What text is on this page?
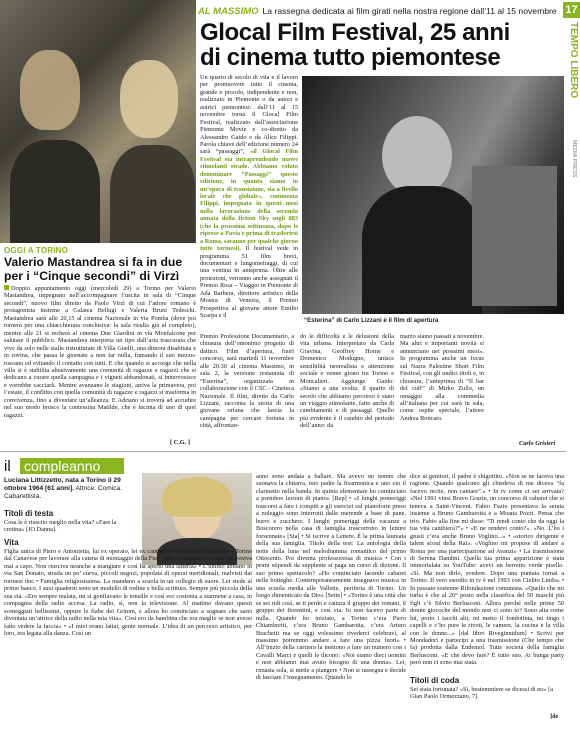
AL MASSIMO La rassegna dedicata ai film girati nella nostra regione dall’11 al 15 novembre 17
TEMPO LIBERO
MEDIA PRESS
Glocal Film Festival, 25 anni
di cinema tutto piemontese
OGGI A TORINO
Valerio Mastandrea si fa in due per i “Cinque secondi” di Virzì
Doppio appuntamento oggi (mercoledì 29) a Torino per Valerio Mastandrea, impegnato nell’accompagnare l’uscita in sala di “Cinque secondi”, nuovo film diretto da Paolo Virzì di cui l’attore romano è protagonista insieme a Galatea Bellugi e Valeria Bruni Tedeschi. Mastandrea sarà alle 20,15 al cinema Nazionale in via Pomba (dove poi tornerà per una chiacchierata conclusiva: la sala risulta già al completo), mentre alle 21 si recherà al cinema Due Giardini in via Monfalcone per salutare il pubblico. Mastandrea interpreta un tipo dall’aria trascurata che vive da solo nelle stalle ristrutturate di Villa Guelfi, una dimora disabitata e in rovina, che passa le giornate a non far nulla, fumando il suo mezzo-toscano ed evitando il contatto con tutti. E che quando si accorge che nella villa si è stabilita abusivamente una comunità di ragazze e ragazzi che si dedicano a curare quella campagna e i vigneti abbandonati, si innervosisce e vorrebbe cacciarli. Mentre avanzano le stagioni, arriva la primavera, poi l’estate, il conflitto con quella comunità di ragazze e ragazzi si trasforma in convivenza, fino a diventare un’alleanza. E Adriano si troverà ad accudire nel suo modo brusco la contessina Matilde, che è incinta di uno di quei ragazzi.
[ C.G. ]
Un quarto di secolo di vita e il lavoro per promuovere tutto il cinema, grande e piccolo, indipendente e non, realizzato in Piemonte o da autori e autrici piemontesi: dall’11 al 15 novembre torna il Glocal Film Festival, realizzato dall’associazione Piemonte Movie e co-diretto da Alessandro Gaido e da Alice Filippi. Parola chiave dell’edizione numero 24 sarà “passaggi”, «il Glocal Film Festival sta intraprendendo nuove stimolanti strade. Abbiamo voluto denominare “Passaggi” questo edizione, in quanto siamo in un’epoca di transizione, sia a livello locale che globale», commenta Filippi, impegnata in questi mesi nella lavorazione della seconda annata della fiction Sky sugli 883 (che la prossima settimana, dopo le riprese a Pavia e prima di trasferirsi a Roma, saranno per qualche giorno tutte torinesi). Il festival vede in programma 51 film brevi, documentari e lungometraggi, di cui una ventina in anteprima. Oltre alle proiezioni, verranno anche assegnati il Premio Rosa – Viaggio in Piemonte di Ada Barbera, direttore artistico della Mostra di Venezia, il Premio Prospettiva al giovane attore Emilio Scarpa e il
“Esterina” di Carlo Lizzani è il film di apertura
Premio Professione Documentario, a chiusura dell’omonimo progetto di dattico. Film d’apertura, fuori concorso, sarà martedì 11 novembre alle 20.30 al cinema Massimo, in sala 2, la versione restaurata di “Esterina”, organizzata in collaborazione con il CSC - Cineteca Nazionale. Il film, diretto da Carlo Lizzani, racconta la storia di una giovane orfana che lascia la campagna per cercare fortuna in città, affrontan-
do le difficoltà e le delusioni della vita urbana. Interpretato da Carla Gravina, Geoffrey Horne e Domenico Modugno, unisce sensibilità neorealista e attenzione sociale e venne girato tra Torino e Moncalieri. Aggiunge Gaido: «Siamo a una svolta: il quarto di secolo che abbiamo percorso è stato un viaggio stimolante, fatto anche di cambiamenti e di passaggi. Quello più evidente è il cambio del periodo dell’anno: da
marzo siamo passati a novembre. Ma altri e importanti novità si annunciano nei prossimi mesi». In programma anche un focus sul Nazra Palestine Short Film Festival, con gli undici titoli e, in chiusura, l’anteprima di “Il bar del cuff” di Mirko Zullo, un omaggio alla commedia all’italiana per cui sarà in sala, come ospite speciale, l’attore Andrea Roncato.
Carlo Grisieri
il compleanno
Luciana Littizzetto, nata a Torino il 29 ottobre 1964 [61 anni]. Attrice. Comica. Cabarettista.
Titoli di testa
Cosa le è riuscito meglio nella vita? «Fare la cretina» [JO Danna].
Vita
Figlia unica di Piero e Antonietta, lui ex operaio, lei ex cantoniera. Suo padre è arrivato a Torino dal Canavese per lavorare alla catena di montaggio della Fiat: «Ma era lentissimo e non ne veniva mai a capo. Non riusciva neanche a mangiare e così ha aperto una latteria» • L’ultimo abitano in via San Donato, strada un po’ curva, piccoli negozi, popolata di operai meridionali, malvisti dai torinesi doc • Famiglia religiosissima. La mandano a scuola in un collegio di suore. Lei siede al primo banco. I suoi quaderni sono un modello di ordine e bella scrittura. Sempre più piccola della sua età. «Ero sempre malata, mi si gonfiavano le tonsille e così ero costretta a starmene a casa, in compagnia della radio accesa. La radio, sì, non la televisione. Al mattino davano questi sceneggiati bellissimi, oppure le fiabe dei Grimm, e allora ho cominciato a sognare che sarei diventata un’attrice della radio nella mia vita». Cosi ero da bambina che era meglio se non avessi fatto vedere la faccia» • «I miei erano lattai, gente normale. L’idea di un percorso artistico, per loro, era legata alla danza. Così un
anno sono andata a ballare. Ma avevo un nonno che suonava la chitarra, mio padre la fisarmonica e uno zio il clarinetto nella banda. In quinta elementare ho cominciato a prendere lezioni di piano» [Rep] • «I lunghi pomeriggi trascorsi a fare i compiti e gli esercizi sul pianoforte preso a noleggio sono interrotti dalle merende a base di pane, burro e zucchero. I lunghi pomeriggi delle vacanze a Boscorero nella casa di famiglia trascorrono in letture forsennate» [Sta] • Si iscrive a Lettere. È la prima laureata della sua famiglia. Titolo della tesi: La antologia della notte della luna nel melodramma romantico del primo Ottocento. Poi diventa professoressa di musica • Con i primi stipendi da supplente si paga un corso di dizione. Il suo primo spettacolo? «Ho cominciato facendo cabaret nelle botteghe. Contemporaneamente insegnavo musica in una scuola media alle Vallette, periferia di Torino. Un luogo dimenticato da Dio» [Sette] • «Torino è una città che se sei ridi così, se ti perdo e cattura il gruppo dei romani, il gruppo dei fiorentini, e così via. Io non facevo parte di nulla. Quando ho iniziato, a Torino c’era Piero Chiambretti, c’era Bruno Gambarotta, c’era Arturo Brachetti ma se oggi volessimo rivederci celebravi, al massimo potremmo andare a fare una pizza fuori» • All’inizio della carriera la mettono a fare un numero con i Cavalli Marci e quelli le dicono: «Noi siamo dieci uomini e non abbiamo mai avuto bisogno di una donna». Lei, rimasta sola, si mette a piangere • Non si rassegna e decide di lasciare l’insegnamento. Quando lo
dice ai genitori, il padre è sbigottito. «Non se ne faceva una ragione. Quando qualcuno gli chiedeva di me diceva “fa facevo recite, non cantare”.» • In tv come ci sei arrivata? «Nel 1991 vinsi Bravo Grazie, un concorso di cabaret che si teneva a Saint-Vincent. Fabio Fazio presentava la serata insieme a Bruno Gambarotta e a Moana Pozzi. Pensa che trio. Fabio alla fine mi disse: “Ti rendi conto che da oggi la tua vita cambierà?”» • «E ne rendevi conto?». «No. L’ho i giusti c’era anche Bruno Voglino...» • «storico dirigente e talent scout della Rai». «Voglino mi propose di andare a Roma per una partecipazione ad Avanzi» • La trasmissione di Serena Dandini. Quella tua prima apparizione è stata immortalata su YouTube: avevi un berretto verde pisello. «Sì. Ma non dirlo, svedere. Dopo una puntata tornai a Torino. Il vero esordio in tv è nel 1993 con Cielito Lindo» • In passato sostenne Rifondazione comunista. «Quello che mi turba è che al 20° posto nella classifica del 50 maschi più figli c’è Silvio Berlusconi. Allora perché nelle prime 50 donne giocoche del mondo non ci sono io? Sono alta come lui, porto i tacchi alti, mi metto il fondotinta, mi tingo i capelli e c’ho pure le rivoti, le camere, la cucina e la villa con le donne...» [dal libro Riveginnidum] • Scrivi per Mondadori e partecipi a una trasmissione (Che tempo che fa) prodotta dalla Endemol. Tutte società della famiglia Berlusconi. «E che devo fare? È tutto suo. Ai bunga party però non ci sono mai stata.
Titoli di coda
Sei stata fortunata? «Sì, bestemmiere se dicessi di no» [a Gian Paolo Ormezzano, 7].
]de
